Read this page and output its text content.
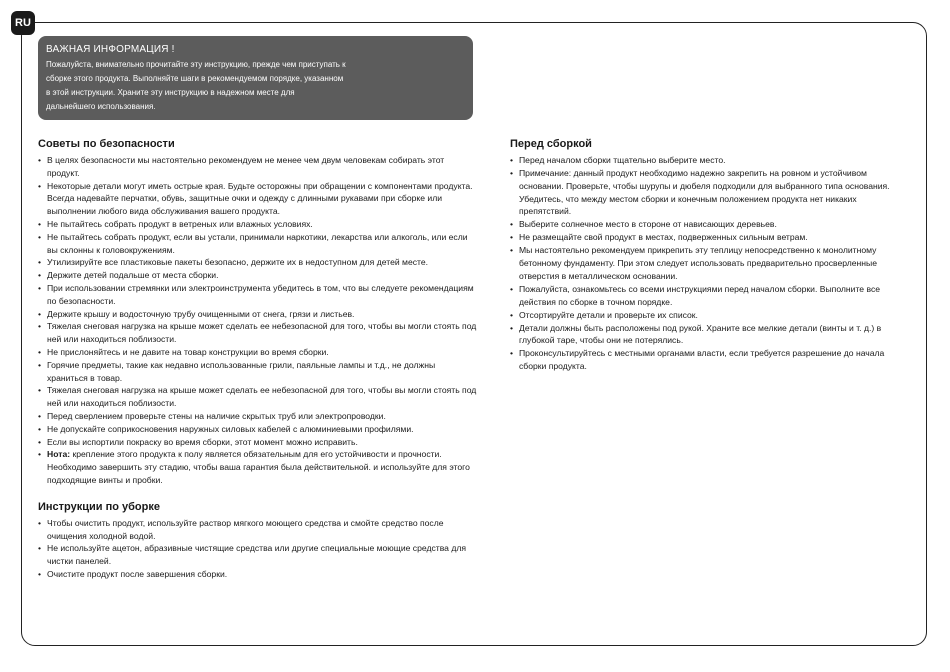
RU
ВАЖНАЯ ИНФОРМАЦИЯ !
Пожалуйста, внимательно прочитайте эту инструкцию, прежде чем приступать к сборке этого продукта. Выполняйте шаги в рекомендуемом порядке, указанном в этой инструкции. Храните эту инструкцию в надежном месте для дальнейшего использования.
Советы по безопасности
• В целях безопасности мы настоятельно рекомендуем не менее чем двум человекам собирать этот продукт.
• Некоторые детали могут иметь острые края. Будьте осторожны при обращении с компонентами продукта. Всегда надевайте перчатки, обувь, защитные очки и одежду с длинными рукавами при сборке или выполнении любого вида обслуживания вашего продукта.
• Не пытайтесь собрать продукт в ветреных или влажных условиях.
• Не пытайтесь собрать продукт, если вы устали, принимали наркотики, лекарства или алкоголь, или если вы склонны к головокружениям.
• Утилизируйте все пластиковые пакеты безопасно, держите их в недоступном для детей месте.
• Держите детей подальше от места сборки.
• При использовании стремянки или электроинструмента убедитесь в том, что вы следуете рекомендациям по безопасности.
• Держите крышу и водосточную трубу очищенными от снега, грязи и листьев.
• Тяжелая снеговая нагрузка на крыше может сделать ее небезопасной для того, чтобы вы могли стоять под ней или находиться поблизости.
• Не прислоняйтесь и не давите на товар конструкции во время сборки.
• Горячие предметы, такие как недавно использованные грили, паяльные лампы и т.д., не должны храниться в товар.
• Тяжелая снеговая нагрузка на крыше может сделать ее небезопасной для того, чтобы вы могли стоять под ней или находиться поблизости.
• Перед сверлением проверьте стены на наличие скрытых труб или электропроводки.
• Не допускайте соприкосновения наружных силовых кабелей с алюминиевыми профилями.
• Если вы испортили покраску во время сборки, этот момент можно исправить.
• Нота: крепление этого продукта к полу является обязательным для его устойчивости и прочности. Необходимо завершить эту стадию, чтобы ваша гарантия была действительной. и используйте для этого подходящие винты и пробки.
Инструкции по уборке
• Чтобы очистить продукт, используйте раствор мягкого моющего средства и смойте средство после очищения холодной водой.
• Не используйте ацетон, абразивные чистящие средства или другие специальные моющие средства для чистки панелей.
• Очистите продукт после завершения сборки.
Перед сборкой
• Перед началом сборки тщательно выберите место.
• Примечание: данный продукт необходимо надежно закрепить на ровном и устойчивом основании. Проверьте, чтобы шурупы и дюбеля подходили для выбранного типа основания. Убедитесь, что между местом сборки и конечным положением продукта нет никаких препятствий.
• Выберите солнечное место в стороне от нависающих деревьев.
• Не размещайте свой продукт в местах, подверженных сильным ветрам.
• Мы настоятельно рекомендуем прикрепить эту теплицу непосредственно к монолитному бетонному фундаменту. При этом следует использовать предварительно просверленные отверстия в металлическом основании.
• Пожалуйста, ознакомьтесь со всеми инструкциями перед началом сборки. Выполните все действия по сборке в точном порядке.
• Отсортируйте детали и проверьте их список.
• Детали должны быть расположены под рукой. Храните все мелкие детали (винты и т. д.) в глубокой таре, чтобы они не потерялись.
• Проконсультируйтесь с местными органами власти, если требуется разрешение до начала сборки продукта.
